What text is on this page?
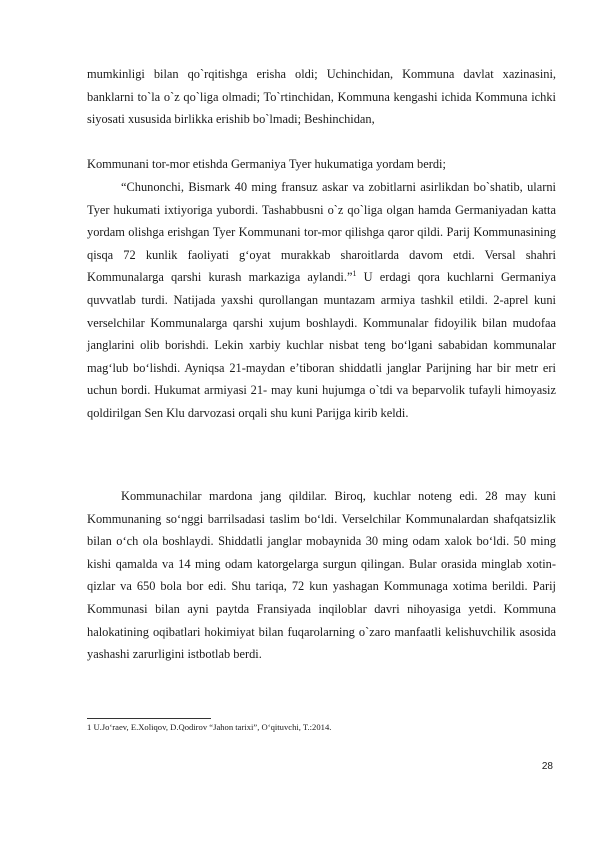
mumkinligi bilan qo`rqitishga erisha oldi; Uchinchidan, Kommuna davlat xazinasini, banklarni to`la o`z qo`liga olmadi; To`rtinchidan, Kommuna kengashi ichida Kommuna ichki siyosati xususida birlikka erishib bo`lmadi; Beshinchidan,

Kommunani tor-mor etishda Germaniya Tyer hukumatiga yordam berdi;

“Chunonchi, Bismark 40 ming fransuz askar va zobitlarni asirlikdan bo`shatib, ularni Tyer hukumati ixtiyoriga yubordi. Tashabbusni o`z qo`liga olgan hamda Germaniyadan katta yordam olishga erishgan Tyer Kommunani tor-mor qilishga qaror qildi. Parij Kommunasining qisqa 72 kunlik faoliyati g‘oyat murakkab sharoitlarda davom etdi. Versal shahri Kommunalarga qarshi kurash markaziga aylandi.”$^1$ U erdagi qora kuchlarni Germaniya quvvatlab turdi. Natijada yaxshi qurollangan muntazam armiya tashkil etildi. 2-aprel kuni verselchilar Kommunalarga qarshi xujum boshlaydi. Kommunalar fidoyilik bilan mudofaa janglarini olib borishdi. Lekin xarbiy kuchlar nisbat teng bo‘lgani sababidan kommunalar mag‘lub bo‘lishdi. Ayniqsa 21-maydan e’tiboran shiddatli janglar Parijning har bir metr eri uchun bordi. Hukumat armiyasi 21- may kuni hujumga o`tdi va beparvolik tufayli himoyasiz qoldirilgan Sen Klu darvozasi orqali shu kuni Parijga kirib keldi.

Kommunachilar mardona jang qildilar. Biroq, kuchlar noteng edi. 28 may kuni Kommunaning so‘nggi barrilsadasi taslim bo‘ldi. Verselchilar Kommunalardan shafqatsizlik bilan o‘ch ola boshlaydi. Shiddatli janglar mobaynida 30 ming odam xalok bo‘ldi. 50 ming kishi qamalda va 14 ming odam katorgelarga surgun qilingan. Bular orasida minglab xotin-qizlar va 650 bola bor edi. Shu tariqa, 72 kun yashagan Kommunaga xotima berildi. Parij Kommunasi bilan ayni paytda Fransiyada inqiloblar davri nihoyasiga yetdi. Kommuna halokatining oqibatlari hokimiyat bilan fuqarolarning o`zaro manfaatli kelishuvchilik asosida yashashi zarurligini istbotlab berdi.

1 U.Jo‘raev, E.Xoliqov, D.Qodirov “Jahon tarixi”, O‘qituvchi, T.:2014.
28
